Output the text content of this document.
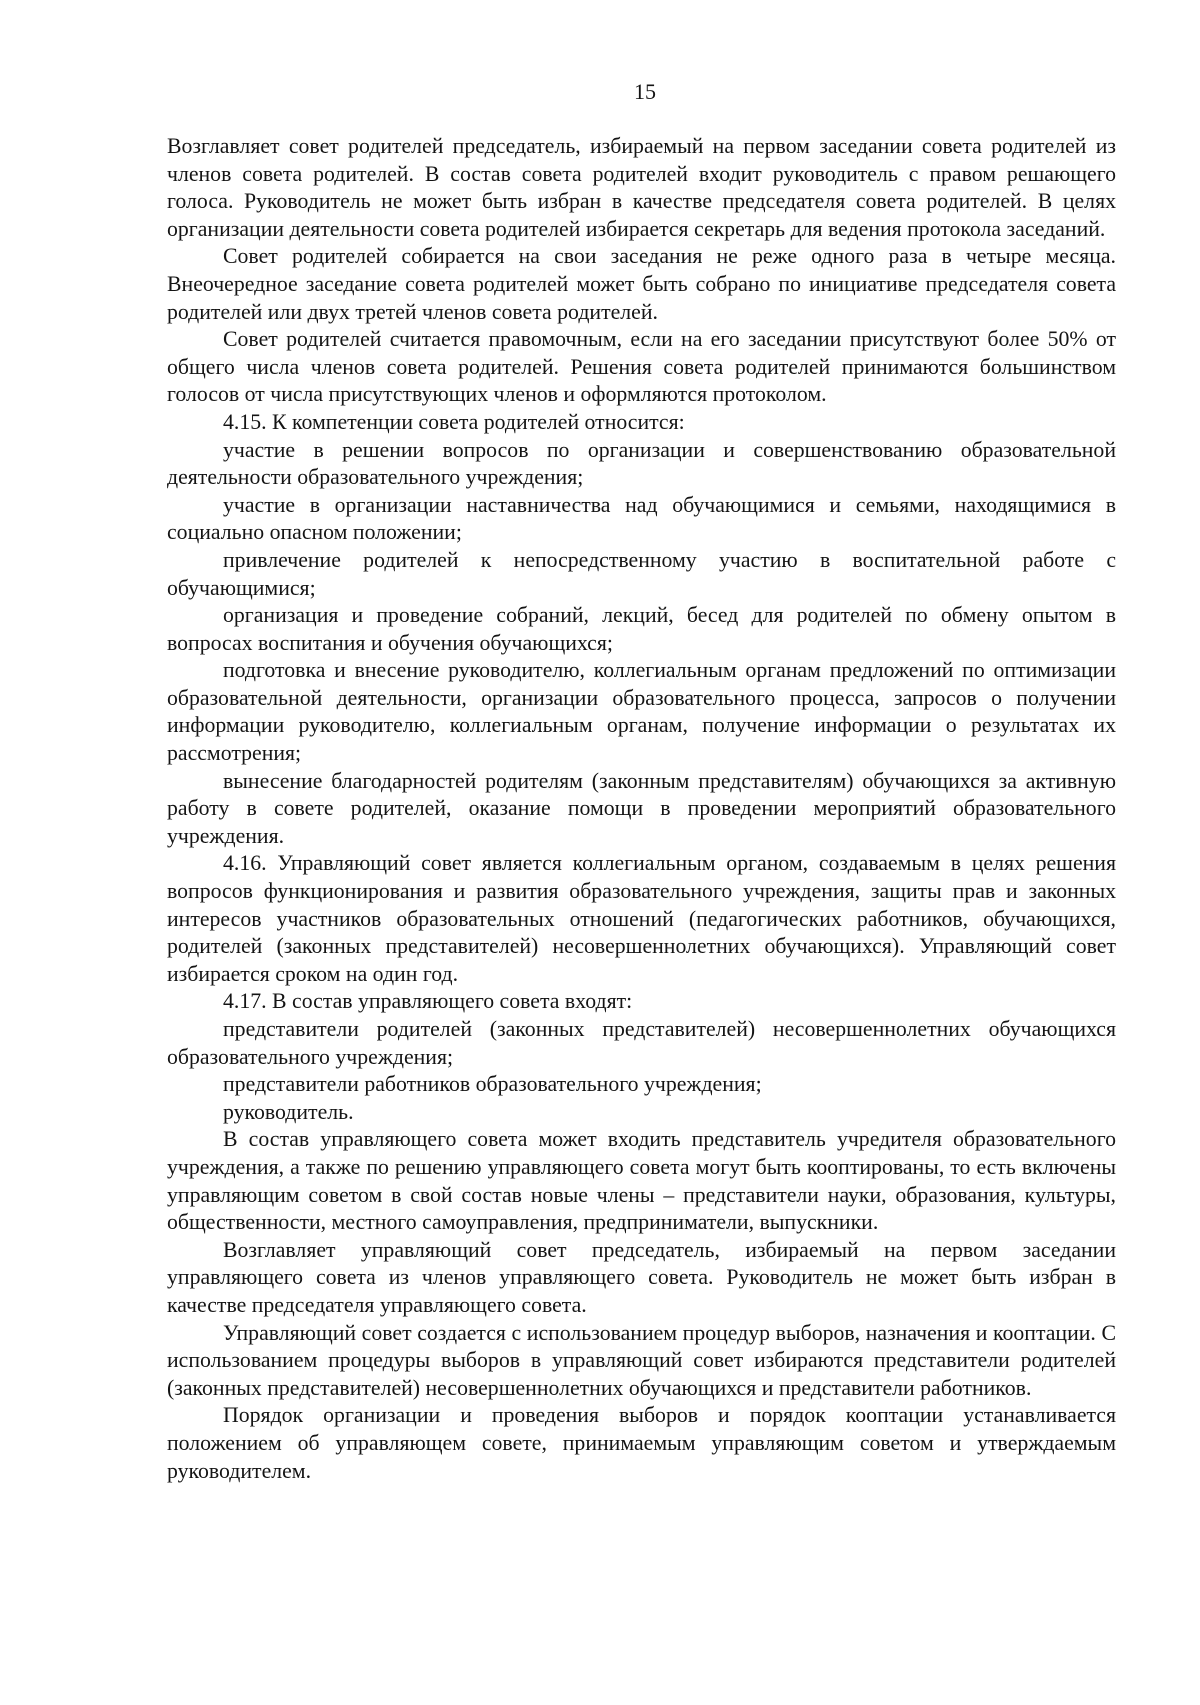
15

Возглавляет совет родителей председатель, избираемый на первом заседании совета родителей из членов совета родителей. В состав совета родителей входит руководитель с правом решающего голоса. Руководитель не может быть избран в качестве председателя совета родителей. В целях организации деятельности совета родителей избирается секретарь для ведения протокола заседаний.

Совет родителей собирается на свои заседания не реже одного раза в четыре месяца. Внеочередное заседание совета родителей может быть собрано по инициативе председателя совета родителей или двух третей членов совета родителей.

Совет родителей считается правомочным, если на его заседании присутствуют более 50% от общего числа членов совета родителей. Решения совета родителей принимаются большинством голосов от числа присутствующих членов и оформляются протоколом.

4.15. К компетенции совета родителей относится:

участие в решении вопросов по организации и совершенствованию образовательной деятельности образовательного учреждения;

участие в организации наставничества над обучающимися и семьями, находящимися в социально опасном положении;

привлечение родителей к непосредственному участию в воспитательной работе с обучающимися;

организация и проведение собраний, лекций, бесед для родителей по обмену опытом в вопросах воспитания и обучения обучающихся;

подготовка и внесение руководителю, коллегиальным органам предложений по оптимизации образовательной деятельности, организации образовательного процесса, запросов о получении информации руководителю, коллегиальным органам, получение информации о результатах их рассмотрения;

вынесение благодарностей родителям (законным представителям) обучающихся за активную работу в совете родителей, оказание помощи в проведении мероприятий образовательного учреждения.

4.16. Управляющий совет является коллегиальным органом, создаваемым в целях решения вопросов функционирования и развития образовательного учреждения, защиты прав и законных интересов участников образовательных отношений (педагогических работников, обучающихся, родителей (законных представителей) несовершеннолетних обучающихся). Управляющий совет избирается сроком на один год.

4.17. В состав управляющего совета входят:

представители родителей (законных представителей) несовершеннолетних обучающихся образовательного учреждения;

представители работников образовательного учреждения;

руководитель.

В состав управляющего совета может входить представитель учредителя образовательного учреждения, а также по решению управляющего совета могут быть кооптированы, то есть включены управляющим советом в свой состав новые члены – представители науки, образования, культуры, общественности, местного самоуправления, предприниматели, выпускники.

Возглавляет управляющий совет председатель, избираемый на первом заседании управляющего совета из членов управляющего совета. Руководитель не может быть избран в качестве председателя управляющего совета.

Управляющий совет создается с использованием процедур выборов, назначения и кооптации. С использованием процедуры выборов в управляющий совет избираются представители родителей (законных представителей) несовершеннолетних обучающихся и представители работников.

Порядок организации и проведения выборов и порядок кооптации устанавливается положением об управляющем совете, принимаемым управляющим советом и утверждаемым руководителем.
